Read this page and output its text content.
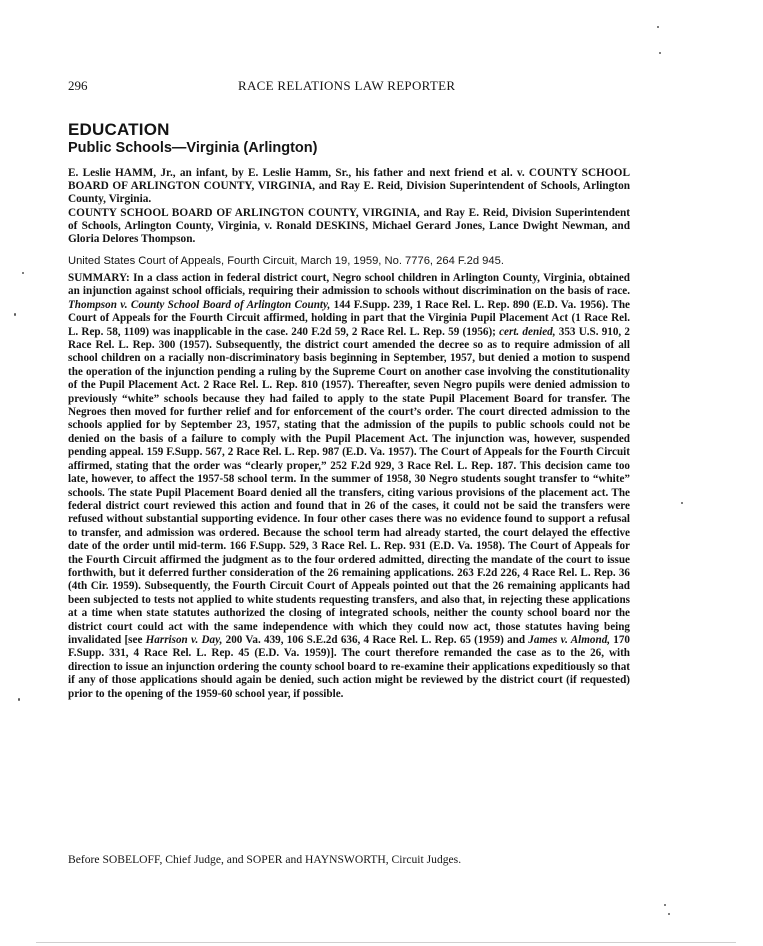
296	RACE RELATIONS LAW REPORTER
EDUCATION
Public Schools—Virginia (Arlington)

E. Leslie HAMM, Jr., an infant, by E. Leslie Hamm, Sr., his father and next friend et al. v. COUNTY SCHOOL BOARD OF ARLINGTON COUNTY, VIRGINIA, and Ray E. Reid, Division Superintendent of Schools, Arlington County, Virginia.

COUNTY SCHOOL BOARD OF ARLINGTON COUNTY, VIRGINIA, and Ray E. Reid, Division Superintendent of Schools, Arlington County, Virginia, v. Ronald DESKINS, Michael Gerard Jones, Lance Dwight Newman, and Gloria Delores Thompson.

United States Court of Appeals, Fourth Circuit, March 19, 1959, No. 7776, 264 F.2d 945.

SUMMARY: In a class action in federal district court, Negro school children in Arlington County, Virginia, obtained an injunction against school officials, requiring their admission to schools without discrimination on the basis of race. Thompson v. County School Board of Arlington County, 144 F.Supp. 239, 1 Race Rel. L. Rep. 890 (E.D. Va. 1956). The Court of Appeals for the Fourth Circuit affirmed, holding in part that the Virginia Pupil Placement Act (1 Race Rel. L. Rep. 58, 1109) was inapplicable in the case. 240 F.2d 59, 2 Race Rel. L. Rep. 59 (1956); cert. denied, 353 U.S. 910, 2 Race Rel. L. Rep. 300 (1957). Subsequently, the district court amended the decree so as to require admission of all school children on a racially non-discriminatory basis beginning in September, 1957, but denied a motion to suspend the operation of the injunction pending a ruling by the Supreme Court on another case involving the constitutionality of the Pupil Placement Act. 2 Race Rel. L. Rep. 810 (1957). Thereafter, seven Negro pupils were denied admission to previously “white” schools because they had failed to apply to the state Pupil Placement Board for transfer. The Negroes then moved for further relief and for enforcement of the court’s order. The court directed admission to the schools applied for by September 23, 1957, stating that the admission of the pupils to public schools could not be denied on the basis of a failure to comply with the Pupil Placement Act. The injunction was, however, suspended pending appeal. 159 F.Supp. 567, 2 Race Rel. L. Rep. 987 (E.D. Va. 1957). The Court of Appeals for the Fourth Circuit affirmed, stating that the order was “clearly proper,” 252 F.2d 929, 3 Race Rel. L. Rep. 187. This decision came too late, however, to affect the 1957-58 school term. In the summer of 1958, 30 Negro students sought transfer to “white” schools. The state Pupil Placement Board denied all the transfers, citing various provisions of the placement act. The federal district court reviewed this action and found that in 26 of the cases, it could not be said the transfers were refused without substantial supporting evidence. In four other cases there was no evidence found to support a refusal to transfer, and admission was ordered. Because the school term had already started, the court delayed the effective date of the order until mid-term. 166 F.Supp. 529, 3 Race Rel. L. Rep. 931 (E.D. Va. 1958). The Court of Appeals for the Fourth Circuit affirmed the judgment as to the four ordered admitted, directing the mandate of the court to issue forthwith, but it deferred further consideration of the 26 remaining applications. 263 F.2d 226, 4 Race Rel. L. Rep. 36 (4th Cir. 1959). Subsequently, the Fourth Circuit Court of Appeals pointed out that the 26 remaining applicants had been subjected to tests not applied to white students requesting transfers, and also that, in rejecting these applications at a time when state statutes authorized the closing of integrated schools, neither the county school board nor the district court could act with the same independence with which they could now act, those statutes having being invalidated [see Harrison v. Day, 200 Va. 439, 106 S.E.2d 636, 4 Race Rel. L. Rep. 65 (1959) and James v. Almond, 170 F.Supp. 331, 4 Race Rel. L. Rep. 45 (E.D. Va. 1959)]. The court therefore remanded the case as to the 26, with direction to issue an injunction ordering the county school board to re-examine their applications expeditiously so that if any of those applications should again be denied, such action might be reviewed by the district court (if requested) prior to the opening of the 1959-60 school year, if possible.

Before SOBELOFF, Chief Judge, and SOPER and HAYNSWORTH, Circuit Judges.
